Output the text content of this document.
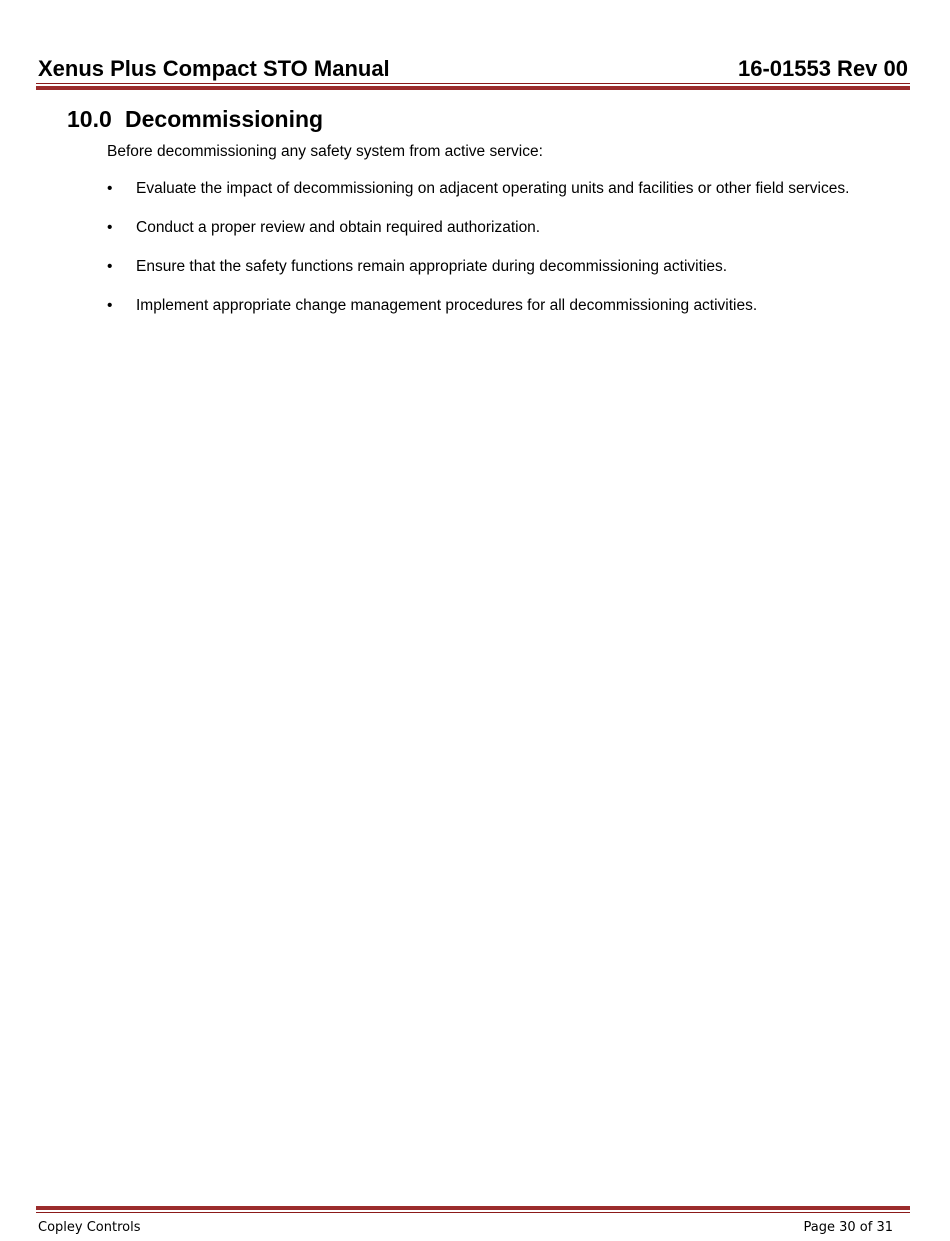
Xenus Plus Compact STO Manual	16-01553 Rev 00
10.0 Decommissioning
Before decommissioning any safety system from active service:
•	Evaluate the impact of decommissioning on adjacent operating units and facilities or other field services.
•	Conduct a proper review and obtain required authorization.
•	Ensure that the safety functions remain appropriate during decommissioning activities.
•	Implement appropriate change management procedures for all decommissioning activities.
Copley Controls	Page 30 of 31
